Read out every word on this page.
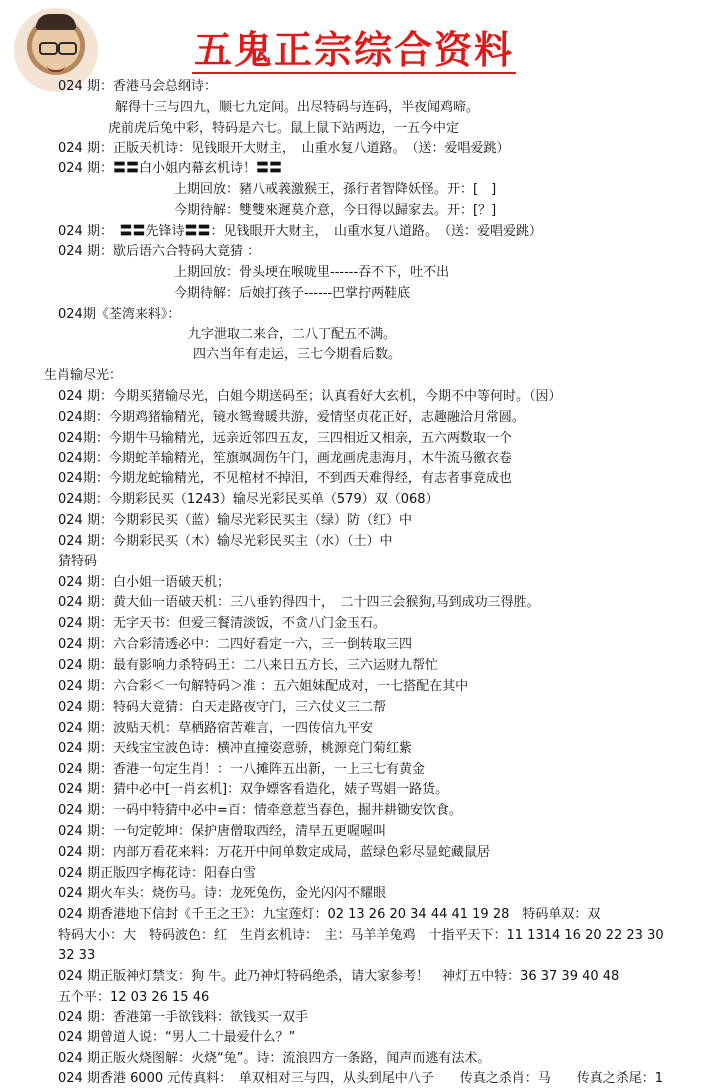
五鬼正宗综合资料
024 期：香港马会总纲诗：
解得十三与四九，顺七九定间。出尽特码与连码，半夜闻鸡啼。
虎前虎后兔中彩，特码是六七。鼠上鼠下站两边，一五今中定
024 期：正版天机诗：见钱眼开大财主，　山重水复八道路。　（送：爱唱爱跳）
024 期：〓〓白小姐内幕玄机诗！〓〓
上期回放：豬八戒義激猴王，孫行者智降妖怪。开：[　]
今期待解：雙雙來遲莫介意，今日得以歸家去。开：[？]
024 期：　〓〓先锋诗〓〓：见钱眼开大财主，　山重水复八道路。　（送：爱唱爱跳）
024 期：歇后语六合特码大竟猜 ：
上期回放：骨头埂在喉咙里------吞不下，吐不出
今期待解：后娘打孩子------巴掌拧两鞋底
024期《荃湾来料》：
九字泄取二来合，二八丁配五不满。
四六当年有走运，三七今期看后数。
生肖输尽光：
024 期：今期买猪输尽光，白姐今期送码至；认真看好大玄机，今期不中等何时。（因）
024期：今期鸡猪输精光，镜水鸳鸯暖共游，爱情坚贞花正好，志趣融洽月常圆。
024期：今期牛马输精光，远亲近邻四五友，三四相近又相亲，五六两数取一个
024期：今期蛇羊输精光，笙旗飒凋伤午门，画龙画虎恚海月，木牛流马徼衣卷
024期：今期龙蛇输精光，不见棺材不掉泪，不到西天难得经，有志者事竟成也
024期：今期彩民买（1243）输尽光彩民买单（579）双（068）
024 期：今期彩民买（蓝）输尽光彩民买主（绿）防（红）中
024 期：今期彩民买（木）输尽光彩民买主（水）（土）中
猜特码
024 期：白小姐一语破天机；
024 期：黄大仙一语破天机：三八垂钓得四十，　二十四三会猴狗,马到成功三得胜。
024 期：无字天书：但爱三餐清淡饭，不贪八门金玉石。
024 期：六合彩清透必中：二四好看定一六，三一倒转取三四
024 期：最有影响力杀特码王：二八来日五方长，三六运财九帮忙
024 期：六合彩＜一句解特码＞准 ：五六姐妹配成对，一七搭配在其中
024 期：特码大竟猜：白天走路夜守门，三六仗义三二帮
024 期：波贴天机：草栖路宿苦难言，一四传信九平安
024 期：天线宝宝波色诗：横冲直撞姿意骄，桃源竞门菊红紫
024 期：香港一句定生肖！：一八摊阵五出新，一上三七有黄金
024 期：猜中必中[一肖玄机]：双争嫖客看造化，婊子骂娼一路货。
024 期：一码中特猜中必中=百：情牵意惹当春色，掘井耕锄安饮食。
024 期：一句定乾坤：保护唐僧取西经，清早五更喔喔叫
024 期：内部万看花来料：万花开中间单数定成局，蓝绿色彩尽显蛇藏鼠居
024 期正版四字梅花诗：阳春白雪
024 期火车头：烧伤马。诗：龙死兔伤，金光闪闪不耀眼
024 期香港地下信封《千王之王》：九宝莲灯：02 13 26 20 34 44 41 19 28　特码单双：双
特码大小：大　特码波色：红　生肖玄机诗：　主：马羊羊兔鸡　十指平天下：11 1314 16 20 22 23 30
32 33
024 期正版神灯禁支：狗 牛。此乃神灯特码绝杀，请大家参考！　神灯五中特：36 37 39 40 48
五个平：12 03 26 15 46
024 期：香港第一手欲钱料：欲钱买一双手
024 期曾道人说：“男人二十最爱什么？”
024 期正版火烧图解：火烧“兔”。诗：流浪四方一条路，闻声而逃有法术。
024 期香港 6000 元传真料：　单双相对三与四，从头到尾中八子　　传真之杀肖：马　　传真之杀尾：1
